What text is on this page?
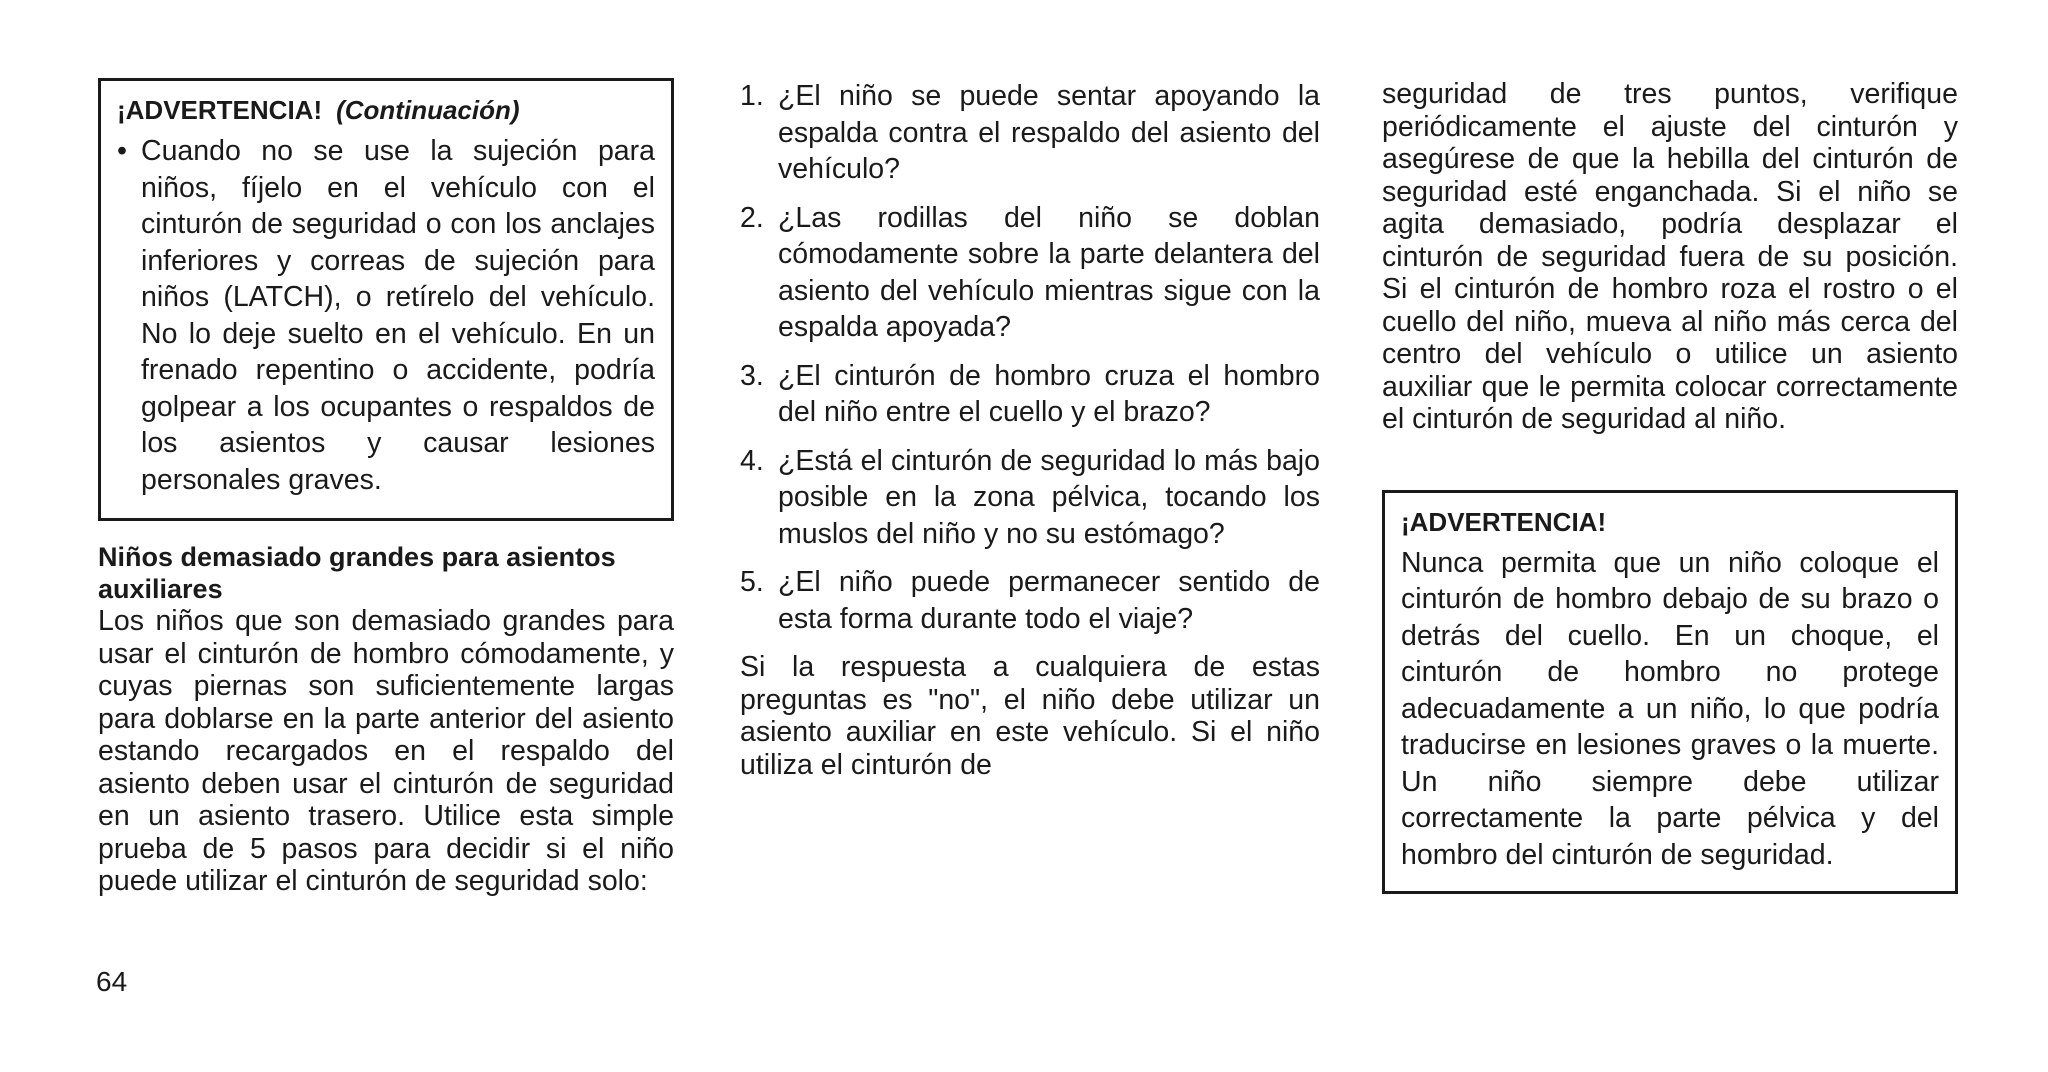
¡ADVERTENCIA! (Continuación)
• Cuando no se use la sujeción para niños, fíjelo en el vehículo con el cinturón de seguridad o con los anclajes inferiores y correas de sujeción para niños (LATCH), o retírelo del vehículo. No lo deje suelto en el vehículo. En un frenado repentino o accidente, podría golpear a los ocupantes o respaldos de los asientos y causar lesiones personales graves.
Niños demasiado grandes para asientos auxiliares

Los niños que son demasiado grandes para usar el cinturón de hombro cómodamente, y cuyas piernas son suficientemente largas para doblarse en la parte anterior del asiento estando recargados en el respaldo del asiento deben usar el cinturón de seguridad en un asiento trasero. Utilice esta simple prueba de 5 pasos para decidir si el niño puede utilizar el cinturón de seguridad solo:

1. ¿El niño se puede sentar apoyando la espalda contra el respaldo del asiento del vehículo?
2. ¿Las rodillas del niño se doblan cómodamente sobre la parte delantera del asiento del vehículo mientras sigue con la espalda apoyada?
3. ¿El cinturón de hombro cruza el hombro del niño entre el cuello y el brazo?
4. ¿Está el cinturón de seguridad lo más bajo posible en la zona pélvica, tocando los muslos del niño y no su estómago?
5. ¿El niño puede permanecer sentido de esta forma durante todo el viaje?

Si la respuesta a cualquiera de estas preguntas es "no", el niño debe utilizar un asiento auxiliar en este vehículo. Si el niño utiliza el cinturón de

seguridad de tres puntos, verifique periódicamente el ajuste del cinturón y asegúrese de que la hebilla del cinturón de seguridad esté enganchada. Si el niño se agita demasiado, podría desplazar el cinturón de seguridad fuera de su posición. Si el cinturón de hombro roza el rostro o el cuello del niño, mueva al niño más cerca del centro del vehículo o utilice un asiento auxiliar que le permita colocar correctamente el cinturón de seguridad al niño.

¡ADVERTENCIA!

Nunca permita que un niño coloque el cinturón de hombro debajo de su brazo o detrás del cuello. En un choque, el cinturón de hombro no protege adecuadamente a un niño, lo que podría traducirse en lesiones graves o la muerte. Un niño siempre debe utilizar correctamente la parte pélvica y del hombro del cinturón de seguridad.

64
